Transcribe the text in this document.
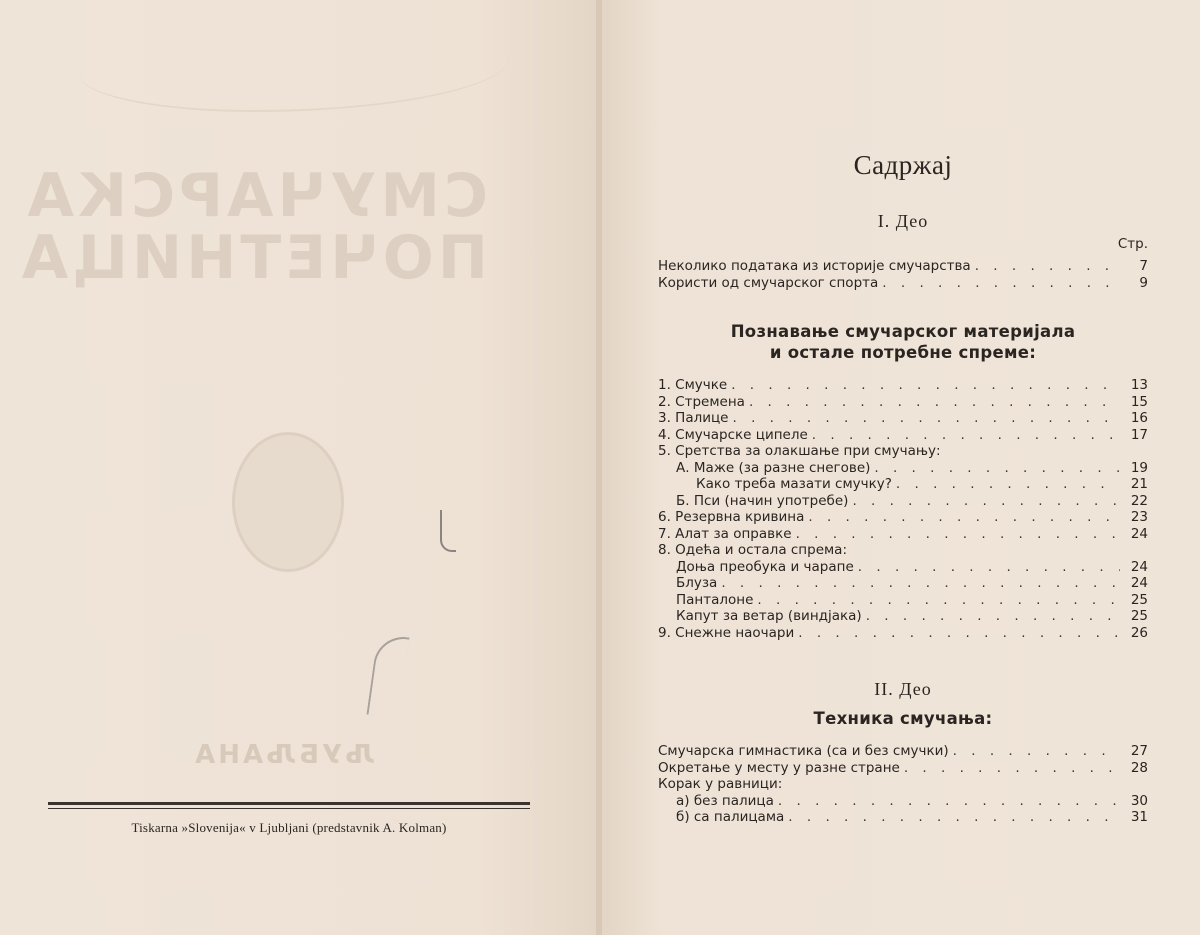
СМУЧАРСКА
ПОЧЕТНИЦА
ЉУБЉАНА
Tiskarna »Slovenija« v Ljubljani (predstavnik A. Kolman)
Садржај
I. Део
Стр.
Неколико података из историје смучарства . . .	7
Користи од смучарског спорта . . .	9
Познавање смучарског материјала
и остале потребне спреме:
1. Смучке . . .	13
2. Стремена . . .	15
3. Палице . . .	16
4. Смучарске ципеле . . .	17
5. Сретства за олакшање при смучању:
А. Маже (за разне снегове) . . .	19
Како треба мазати смучку? . . .	21
Б. Пси (начин употребе) . . .	22
6. Резервна кривина . . .	23
7. Алат за оправке . . .	24
8. Одећа и остала спрема:
Доња преобука и чарапе . . .	24
Блуза . . .	24
Панталоне . . .	25
Капут за ветар (виндјака) . . .	25
9. Снежне наочари . . .	26
II. Део
Техника смучања:
Смучарска гимнастика (са и без смучки) . . .	27
Окретање у месту у разне стране . . .	28
Корак у равници:
а) без палица . . .	30
б) са палицама . . .	31
